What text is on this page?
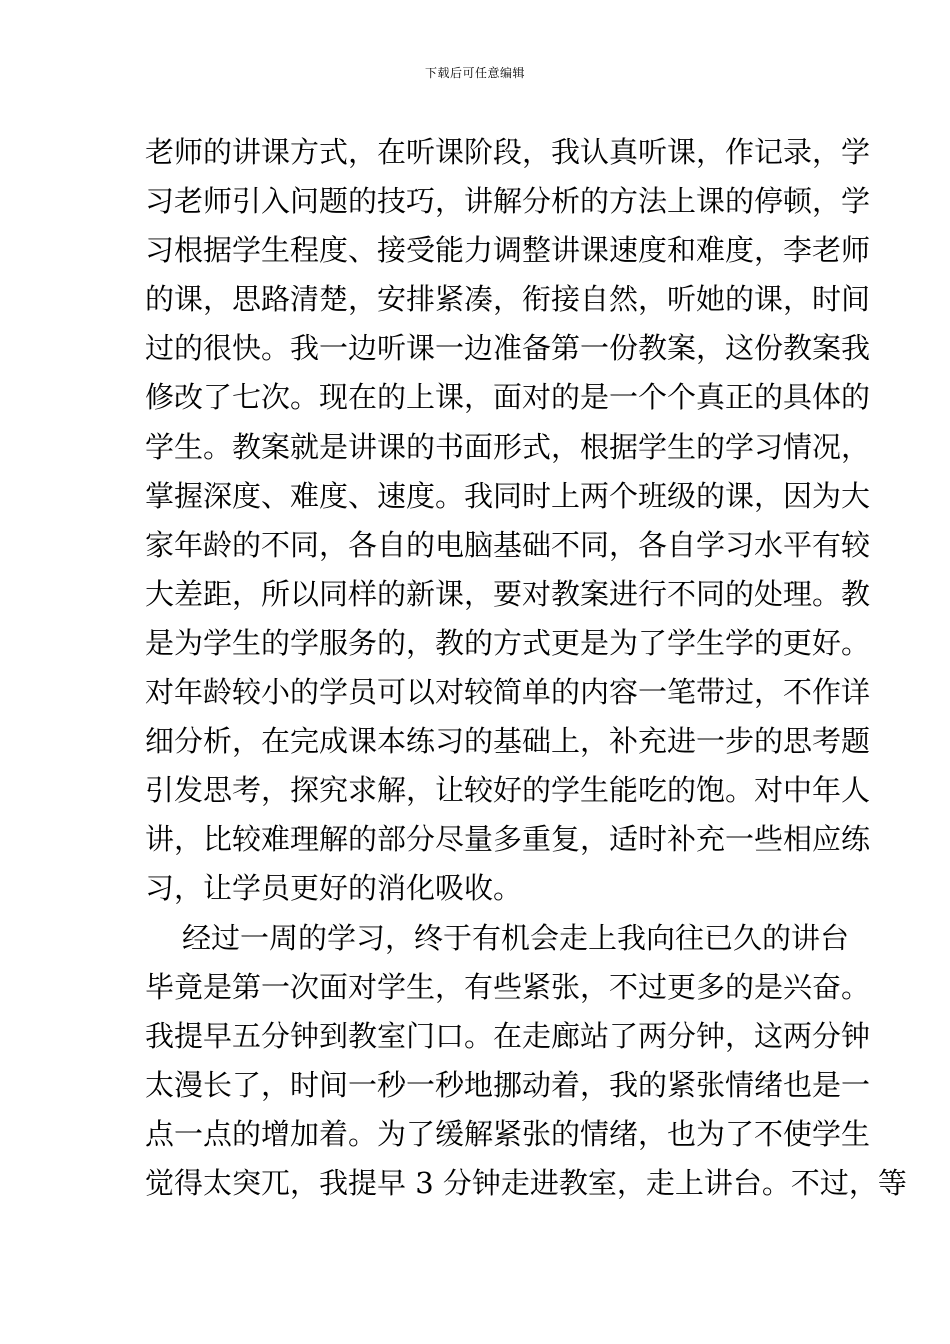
下载后可任意编辑
老师的讲课方式，在听课阶段，我认真听课，作记录，学
习老师引入问题的技巧，讲解分析的方法上课的停顿，学
习根据学生程度、接受能力调整讲课速度和难度，李老师
的课，思路清楚，安排紧凑，衔接自然，听她的课，时间
过的很快。我一边听课一边准备第一份教案，这份教案我
修改了七次。现在的上课，面对的是一个个真正的具体的
学生。教案就是讲课的书面形式，根据学生的学习情况，
掌握深度、难度、速度。我同时上两个班级的课，因为大
家年龄的不同，各自的电脑基础不同，各自学习水平有较
大差距，所以同样的新课，要对教案进行不同的处理。教
是为学生的学服务的，教的方式更是为了学生学的更好。
对年龄较小的学员可以对较简单的内容一笔带过，不作详
细分析，在完成课本练习的基础上，补充进一步的思考题
引发思考，探究求解，让较好的学生能吃的饱。对中年人
讲，比较难理解的部分尽量多重复，适时补充一些相应练
习，让学员更好的消化吸收。
经过一周的学习，终于有机会走上我向往已久的讲台
毕竟是第一次面对学生，有些紧张，不过更多的是兴奋。
我提早五分钟到教室门口。在走廊站了两分钟，这两分钟
太漫长了，时间一秒一秒地挪动着，我的紧张情绪也是一
点一点的增加着。为了缓解紧张的情绪，也为了不使学生
觉得太突兀，我提早 3 分钟走进教室，走上讲台。不过，等
